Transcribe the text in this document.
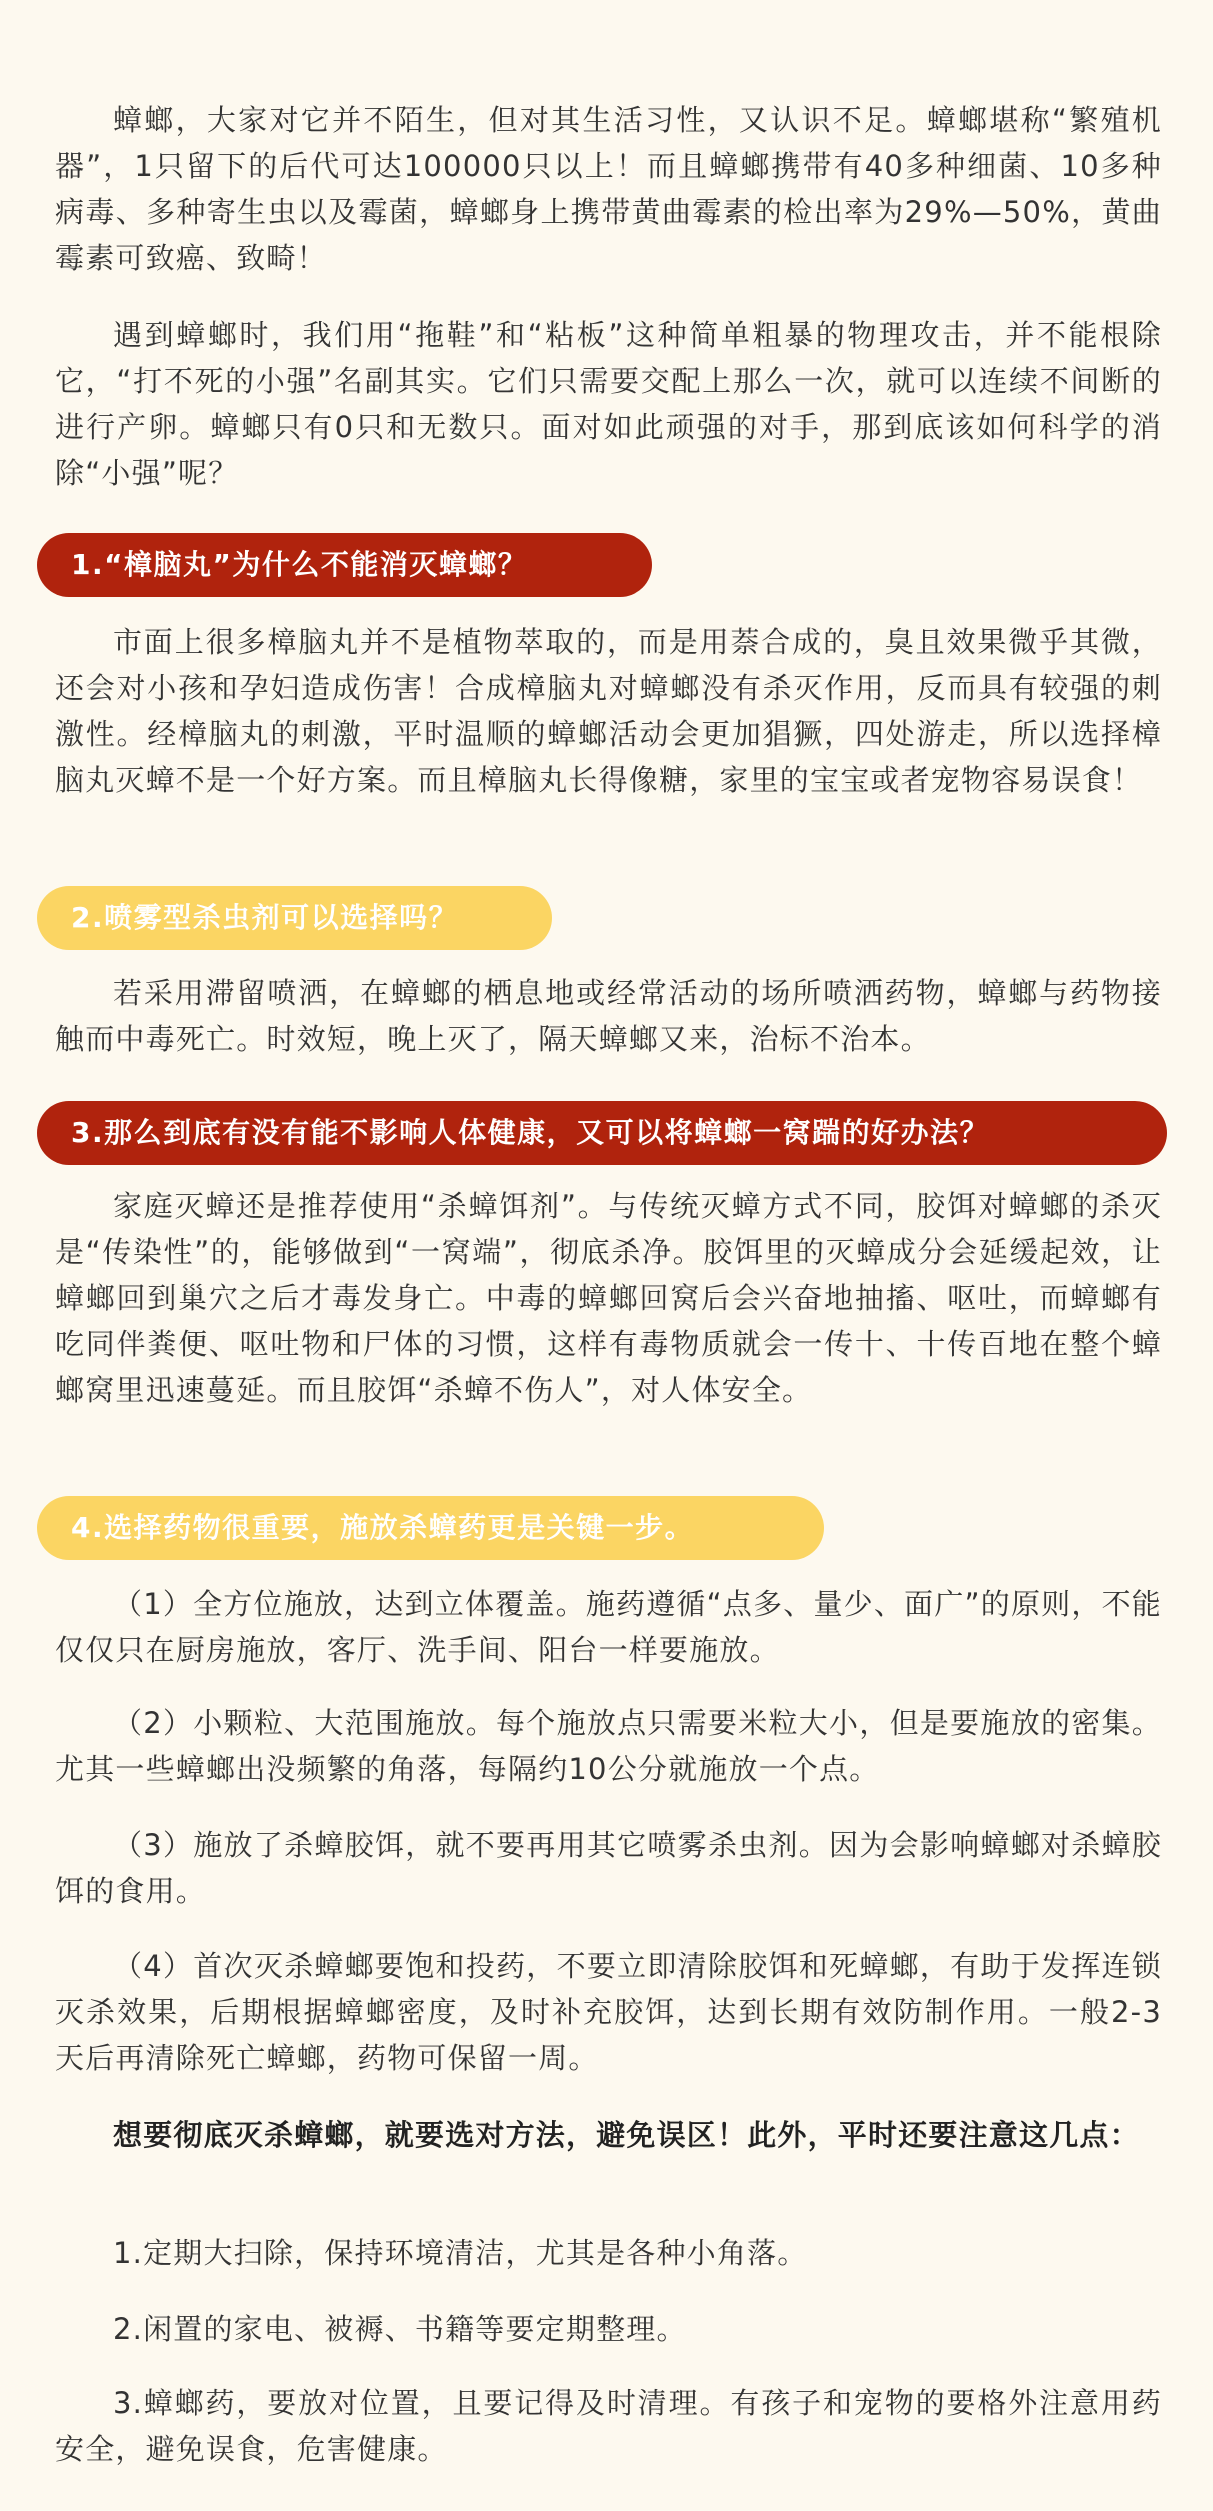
蟑螂，大家对它并不陌生，但对其生活习性，又认识不足。蟑螂堪称“繁殖机器”，1只留下的后代可达100000只以上！而且蟑螂携带有40多种细菌、10多种病毒、多种寄生虫以及霉菌，蟑螂身上携带黄曲霉素的检出率为29%—50%，黄曲霉素可致癌、致畸！

遇到蟑螂时，我们用“拖鞋”和“粘板”这种简单粗暴的物理攻击，并不能根除它，“打不死的小强”名副其实。它们只需要交配上那么一次，就可以连续不间断的进行产卵。蟑螂只有0只和无数只。面对如此顽强的对手，那到底该如何科学的消除“小强”呢？

1.“樟脑丸”为什么不能消灭蟑螂？

市面上很多樟脑丸并不是植物萃取的，而是用萘合成的，臭且效果微乎其微，还会对小孩和孕妇造成伤害！合成樟脑丸对蟑螂没有杀灭作用，反而具有较强的刺激性。经樟脑丸的刺激，平时温顺的蟑螂活动会更加猖獗，四处游走，所以选择樟脑丸灭蟑不是一个好方案。而且樟脑丸长得像糖，家里的宝宝或者宠物容易误食！

2.喷雾型杀虫剂可以选择吗？

若采用滞留喷洒，在蟑螂的栖息地或经常活动的场所喷洒药物，蟑螂与药物接触而中毒死亡。时效短，晚上灭了，隔天蟑螂又来，治标不治本。

3.那么到底有没有能不影响人体健康，又可以将蟑螂一窝踹的好办法？

家庭灭蟑还是推荐使用“杀蟑饵剂”。与传统灭蟑方式不同，胶饵对蟑螂的杀灭是“传染性”的，能够做到“一窝端”，彻底杀净。胶饵里的灭蟑成分会延缓起效，让蟑螂回到巢穴之后才毒发身亡。中毒的蟑螂回窝后会兴奋地抽搐、呕吐，而蟑螂有吃同伴粪便、呕吐物和尸体的习惯，这样有毒物质就会一传十、十传百地在整个蟑螂窝里迅速蔓延。而且胶饵“杀蟑不伤人”，对人体安全。

4.选择药物很重要，施放杀蟑药更是关键一步。

（1）全方位施放，达到立体覆盖。施药遵循“点多、量少、面广”的原则，不能仅仅只在厨房施放，客厅、洗手间、阳台一样要施放。

（2）小颗粒、大范围施放。每个施放点只需要米粒大小，但是要施放的密集。尤其一些蟑螂出没频繁的角落，每隔约10公分就施放一个点。

（3）施放了杀蟑胶饵，就不要再用其它喷雾杀虫剂。因为会影响蟑螂对杀蟑胶饵的食用。

（4）首次灭杀蟑螂要饱和投药，不要立即清除胶饵和死蟑螂，有助于发挥连锁灭杀效果，后期根据蟑螂密度，及时补充胶饵，达到长期有效防制作用。一般2-3天后再清除死亡蟑螂，药物可保留一周。

想要彻底灭杀蟑螂，就要选对方法，避免误区！此外，平时还要注意这几点：

1.定期大扫除，保持环境清洁，尤其是各种小角落。

2.闲置的家电、被褥、书籍等要定期整理。

3.蟑螂药，要放对位置，且要记得及时清理。有孩子和宠物的要格外注意用药安全，避免误食，危害健康。
